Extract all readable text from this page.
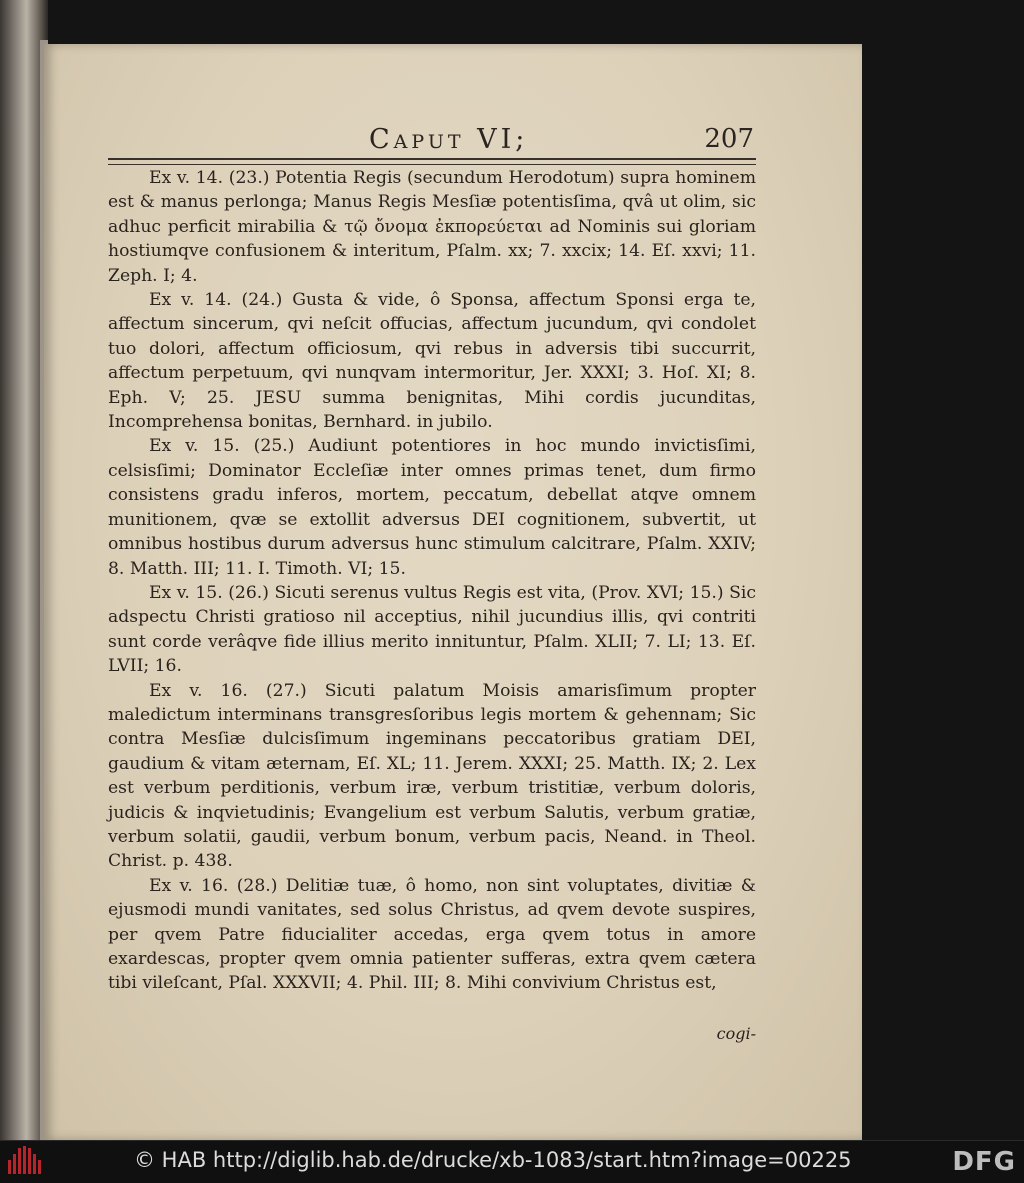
Caput VI;	207

Ex v. 14. (23.) Potentia Regis (secundum Herodotum) supra hominem est & manus perlonga; Manus Regis Mesſiæ potentisſima, qvâ ut olim, sic adhuc perficit mirabilia & τῷ ὄνομα ἐκπορεύεται ad Nominis sui gloriam hostiumqve confusionem & interitum, Pſalm. xx; 7. xxcix; 14. Eſ. xxvi; 11. Zeph. I; 4.

Ex v. 14. (24.) Gusta & vide, ô Sponsa, affectum Sponsi erga te, affectum sincerum, qvi neſcit offucias, affectum jucundum, qvi condolet tuo dolori, affectum officiosum, qvi rebus in adversis tibi succurrit, affectum perpetuum, qvi nunqvam intermoritur, Jer. XXXI; 3. Hoſ. XI; 8. Eph. V; 25. JESU summa benignitas, Mihi cordis jucunditas, Incomprehensa bonitas, Bernhard. in jubilo.

Ex v. 15. (25.) Audiunt potentiores in hoc mundo invictisſimi, celsisſimi; Dominator Eccleſiæ inter omnes primas tenet, dum firmo consistens gradu inferos, mortem, peccatum, debellat atqve omnem munitionem, qvæ se extollit adversus DEI cognitionem, subvertit, ut omnibus hostibus durum adversus hunc stimulum calcitrare, Pſalm. XXIV; 8. Matth. III; 11. I. Timoth. VI; 15.

Ex v. 15. (26.) Sicuti serenus vultus Regis est vita, (Prov. XVI; 15.) Sic adspectu Christi gratioso nil acceptius, nihil jucundius illis, qvi contriti sunt corde verâqve fide illius merito innituntur, Pſalm. XLII; 7. LI; 13. Eſ. LVII; 16.

Ex v. 16. (27.) Sicuti palatum Moisis amarisſimum propter maledictum interminans transgresſoribus legis mortem & gehennam; Sic contra Mesſiæ dulcisſimum ingeminans peccatoribus gratiam DEI, gaudium & vitam æternam, Eſ. XL; 11. Jerem. XXXI; 25. Matth. IX; 2. Lex est verbum perditionis, verbum iræ, verbum tristitiæ, verbum doloris, judicis & inqvietudinis; Evangelium est verbum Salutis, verbum gratiæ, verbum solatii, gaudii, verbum bonum, verbum pacis, Neand. in Theol. Christ. p. 438.

Ex v. 16. (28.) Delitiæ tuæ, ô homo, non sint voluptates, divitiæ & ejusmodi mundi vanitates, sed solus Christus, ad qvem devote suspires, per qvem Patre fiducialiter accedas, erga qvem totus in amore exardescas, propter qvem omnia patienter sufferas, extra qvem cætera tibi vileſcant, Pſal. XXXVII; 4. Phil. III; 8. Mihi convivium Christus est,

cogi-
© HAB http://diglib.hab.de/drucke/xb-1083/start.htm?image=00225	DFG
